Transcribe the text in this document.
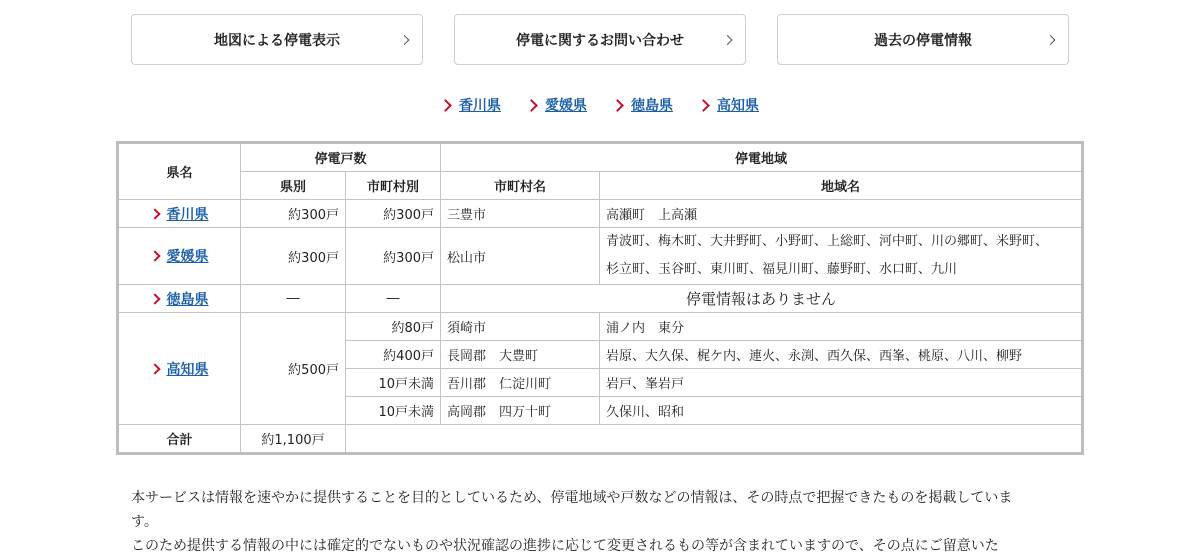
地図による停電表示	停電に関するお問い合わせ	過去の停電情報
香川県	愛媛県	徳島県	高知県
県名	停電戸数		停電地域	
	県別	市町村別	市町村名	地域名

香川県	約300戸	約300戸	三豊市	高瀬町　上高瀬

愛媛県	約300戸	約300戸	松山市	青波町、梅木町、大井野町、小野町、上総町、河中町、川の郷町、米野町、
杉立町、玉谷町、東川町、福見川町、藤野町、水口町、九川

徳島県	―	―	停電情報はありません	

高知県	約500戸	約80戸	須崎市	浦ノ内　東分
		約400戸	長岡郡　大豊町	岩原、大久保、梶ケ内、連火、永渕、西久保、西峯、桃原、八川、柳野
		10戸未満	吾川郡　仁淀川町	岩戸、峯岩戸
		10戸未満	高岡郡　四万十町	久保川、昭和
合計	約1,100戸			

本サービスは情報を速やかに提供することを目的としているため、停電地域や戸数などの情報は、その時点で把握できたものを掲載していま

す。

このため提供する情報の中には確定的でないものや状況確認の進捗に応じて変更されるもの等が含まれていますので、その点にご留意いた
